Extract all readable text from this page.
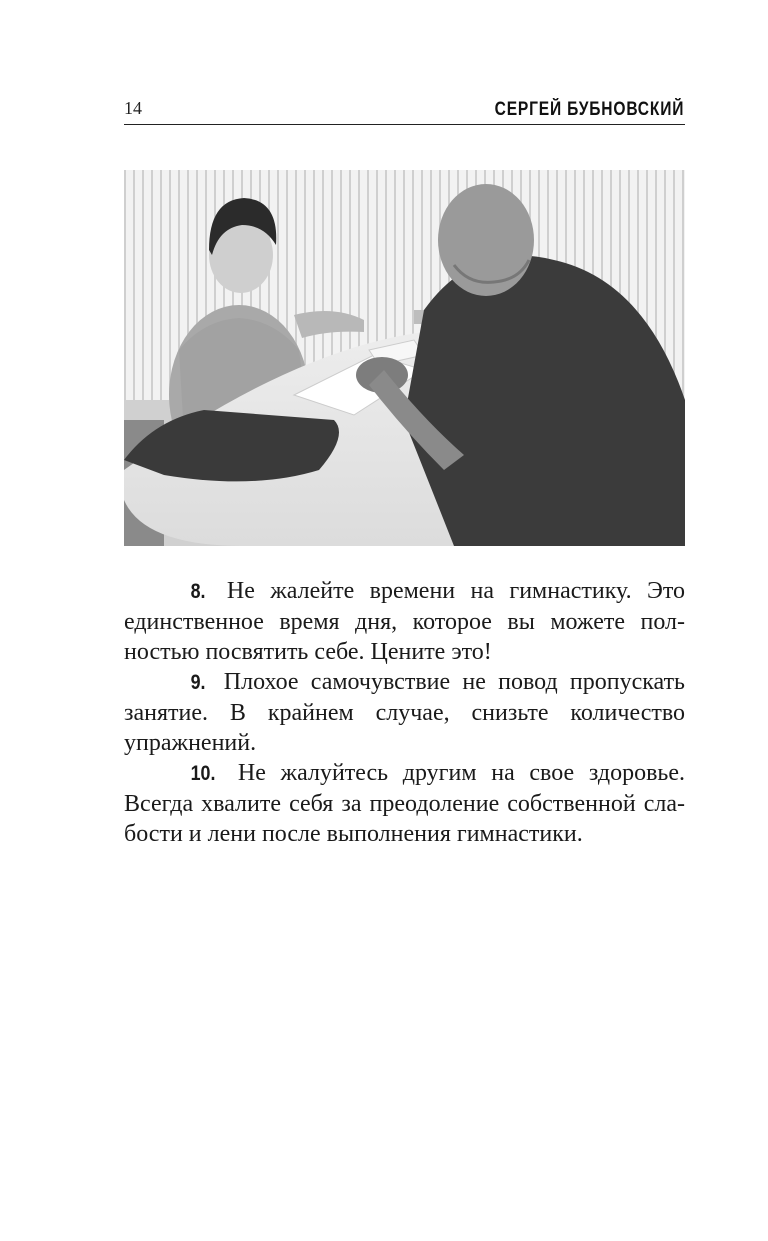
14	СЕРГЕЙ БУБНОВСКИЙ

8. Не жалейте времени на гимнастику. Это единственное время дня, которое вы можете полностью посвятить себе. Цените это!

9. Плохое самочувствие не повод пропускать занятие. В крайнем случае, снизьте количество упражнений.

10. Не жалуйтесь другим на свое здоровье. Всегда хвалите себя за преодоление собственной слабости и лени после выполнения гимнастики.
